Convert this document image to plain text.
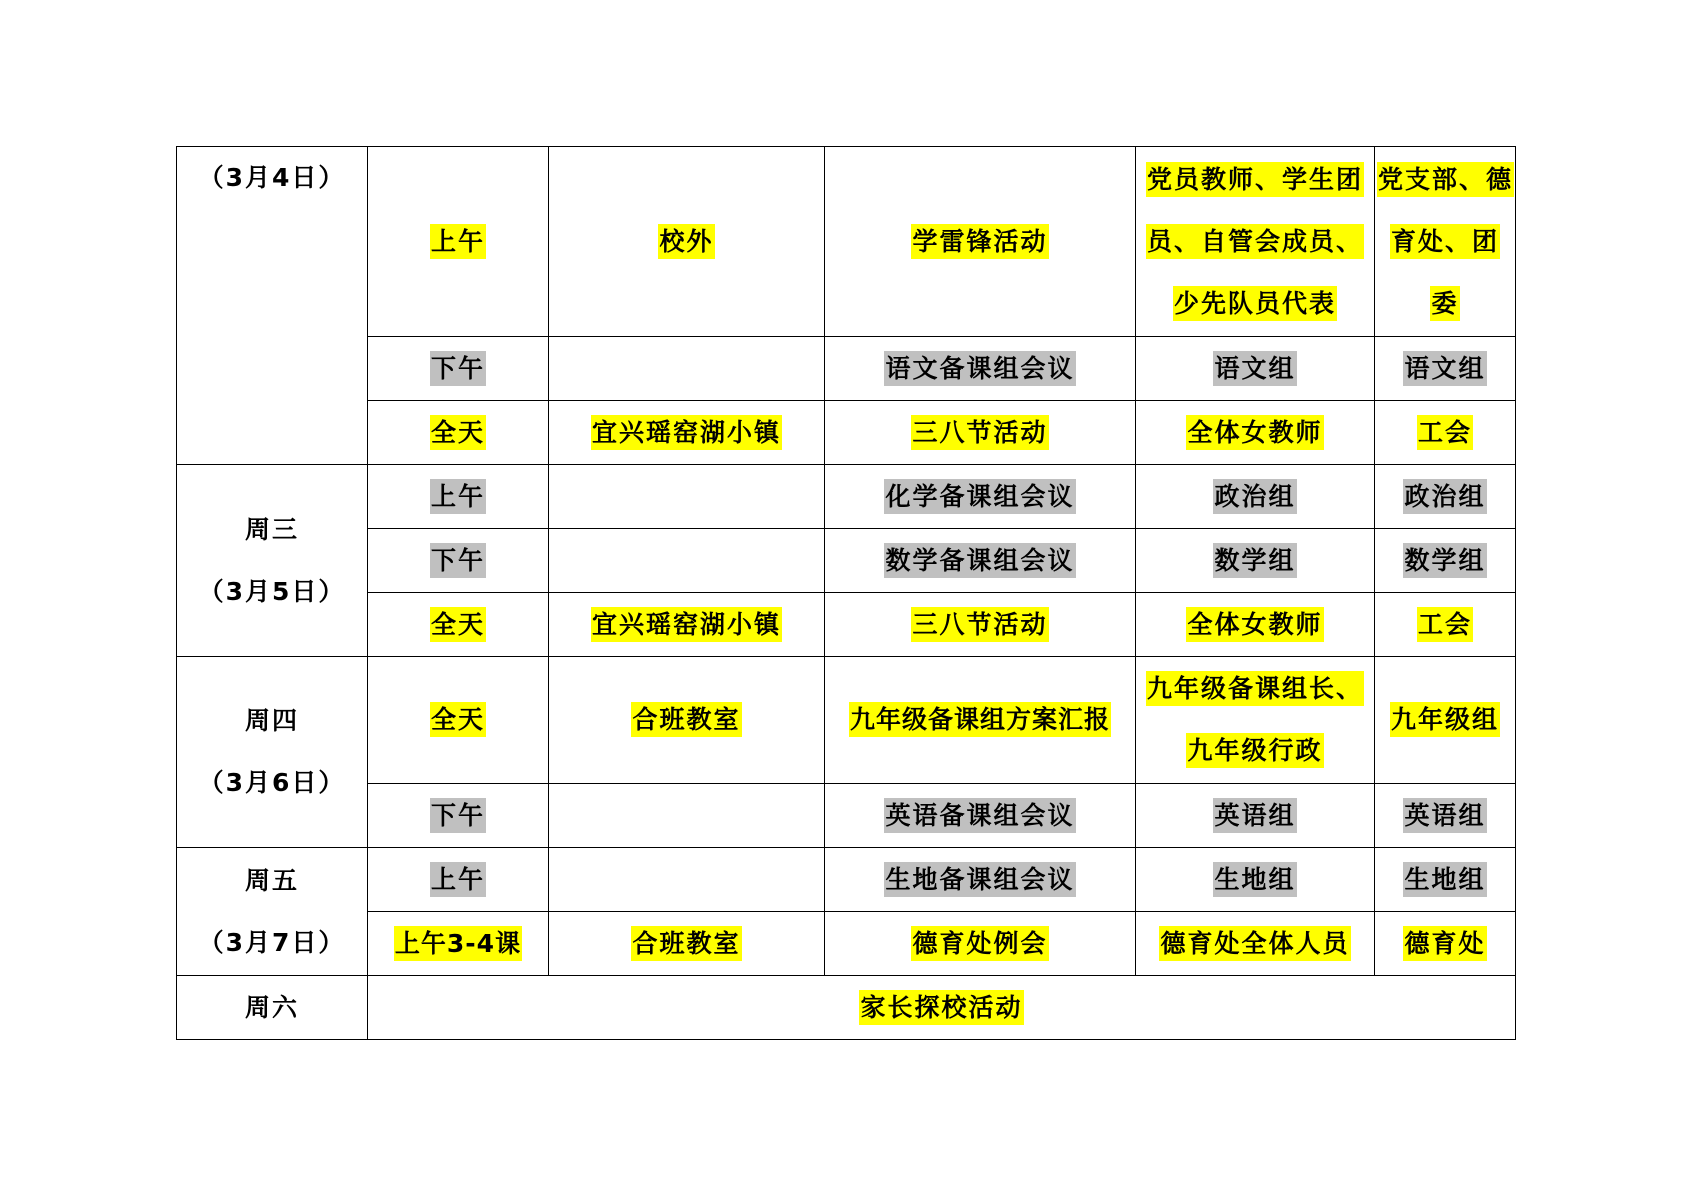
（3月4日）	上午	校外	学雷锋活动	党员教师、学生团员、自管会成员、少先队员代表	党支部、德育处、团委
	下午		语文备课组会议	语文组	语文组
	全天	宜兴瑶窑湖小镇	三八节活动	全体女教师	工会

周三
（3月5日）	上午		化学备课组会议	政治组	政治组
	下午		数学备课组会议	数学组	数学组
	全天	宜兴瑶窑湖小镇	三八节活动	全体女教师	工会

周四
（3月6日）	全天	合班教室	九年级备课组方案汇报	九年级备课组长、九年级行政	九年级组
	下午		英语备课组会议	英语组	英语组

周五
（3月7日）	上午		生地备课组会议	生地组	生地组
	上午3-4课	合班教室	德育处例会	德育处全体人员	德育处
周六	家长探校活动				
